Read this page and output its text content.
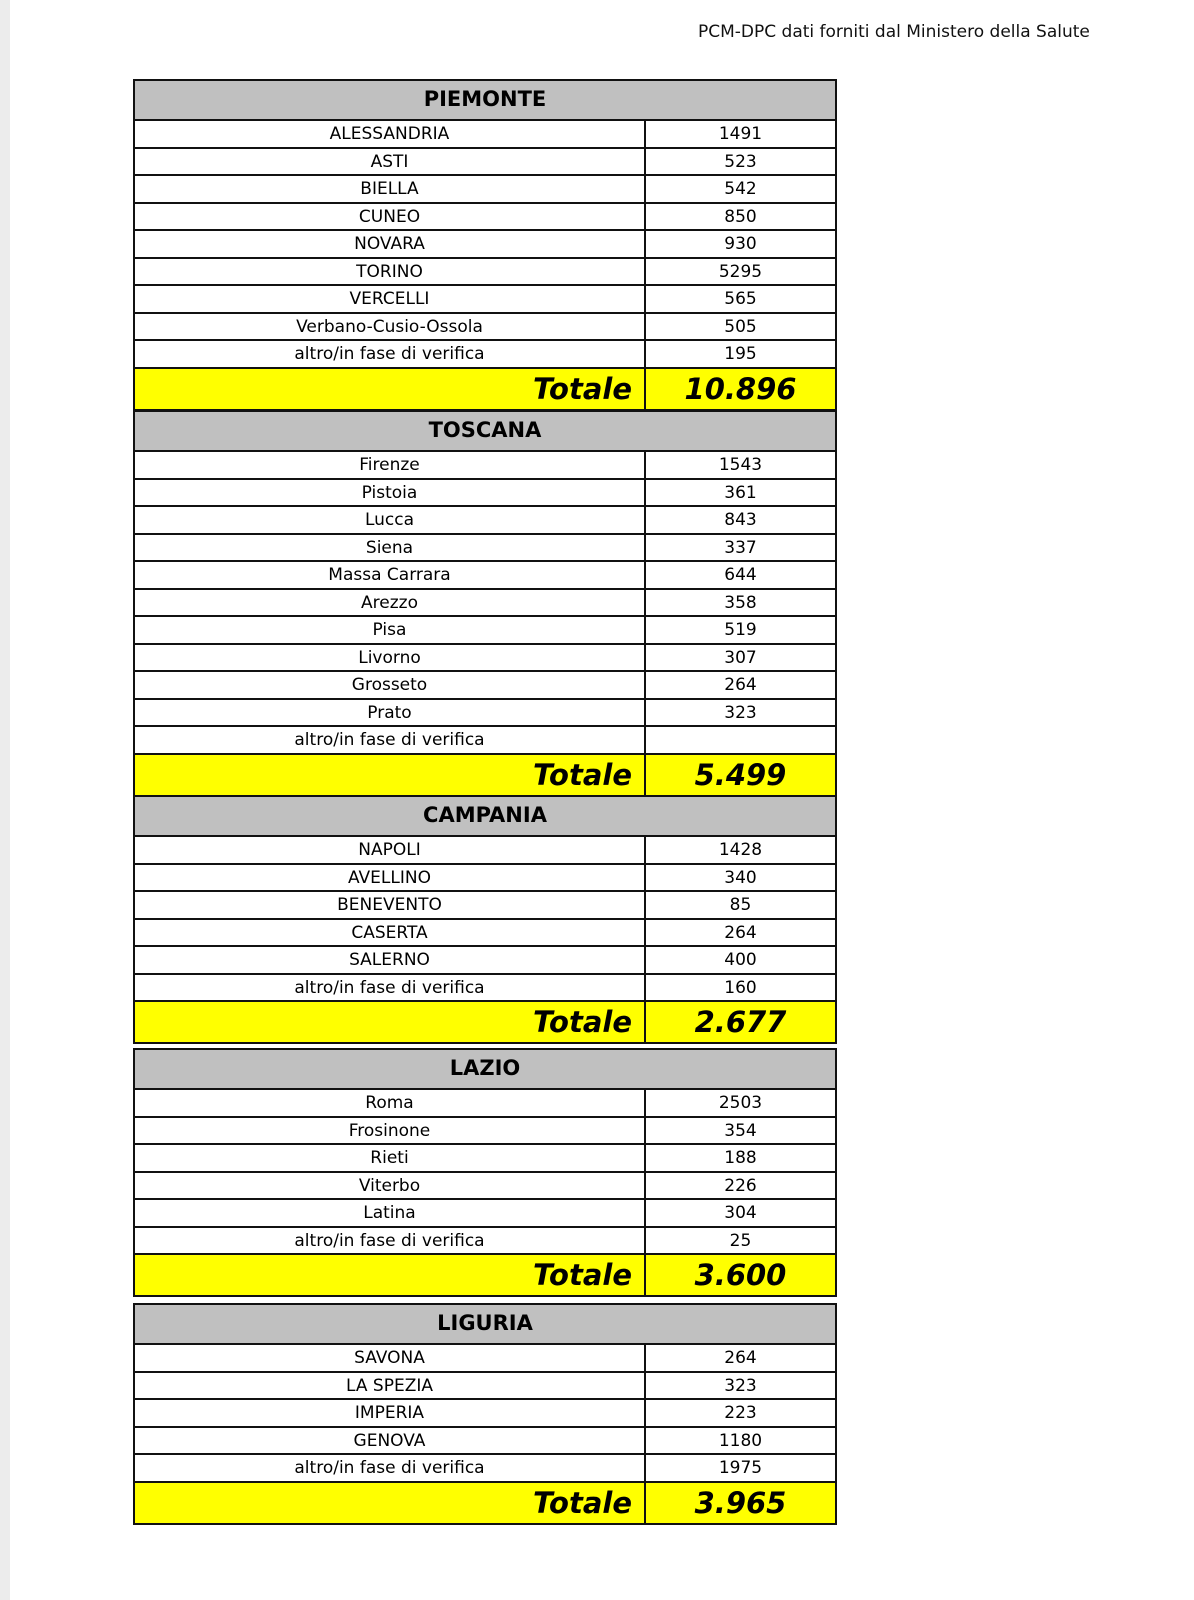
PCM-DPC dati forniti dal Ministero della Salute
PIEMONTE
ALESSANDRIA	1491
ASTI	523
BIELLA	542
CUNEO	850
NOVARA	930
TORINO	5295
VERCELLI	565
Verbano-Cusio-Ossola	505
altro/in fase di verifica	195
Totale	10.896
TOSCANA
Firenze	1543
Pistoia	361
Lucca	843
Siena	337
Massa Carrara	644
Arezzo	358
Pisa	519
Livorno	307
Grosseto	264
Prato	323
altro/in fase di verifica
Totale	5.499
CAMPANIA
NAPOLI	1428
AVELLINO	340
BENEVENTO	85
CASERTA	264
SALERNO	400
altro/in fase di verifica	160
Totale	2.677
LAZIO
Roma	2503
Frosinone	354
Rieti	188
Viterbo	226
Latina	304
altro/in fase di verifica	25
Totale	3.600
LIGURIA
SAVONA	264
LA SPEZIA	323
IMPERIA	223
GENOVA	1180
altro/in fase di verifica	1975
Totale	3.965
